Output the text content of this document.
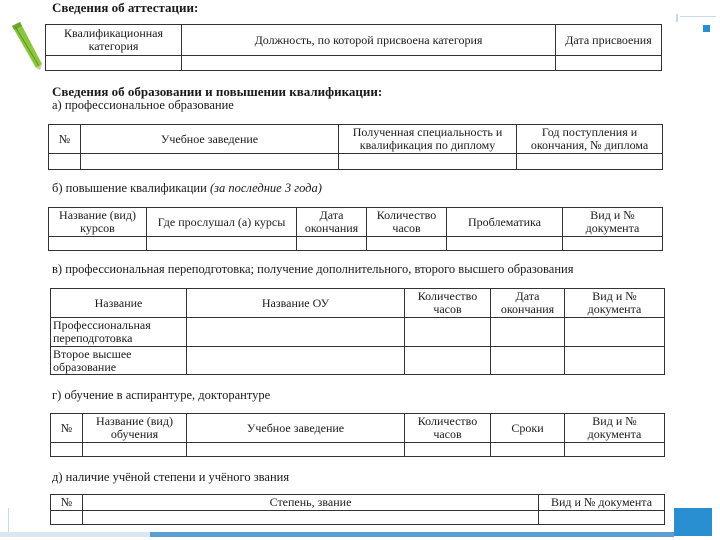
Сведения об аттестации:
Квалификационная категория	Должность, по которой присвоена категория	Дата присвоения

Сведения об образовании и повышении квалификации:
а) профессиональное образование
№	Учебное заведение	Полученная специальность и квалификация по диплому	Год поступления и окончания, № диплома

б) повышение квалификации (за последние 3 года)
Название (вид) курсов	Где прослушал (а) курсы	Дата окончания	Количество часов	Проблематика	Вид и № документа

в) профессиональная переподготовка; получение дополнительного, второго высшего образования
Название	Название ОУ	Количество часов	Дата окончания	Вид и № документа
Профессиональная переподготовка				
Второе высшее образование				
г) обучение в аспирантуре, докторантуре
№	Название (вид) обучения	Учебное заведение	Количество часов	Сроки	Вид и № документа

д) наличие учёной степени и учёного звания
№	Степень, звание	Вид и № документа
